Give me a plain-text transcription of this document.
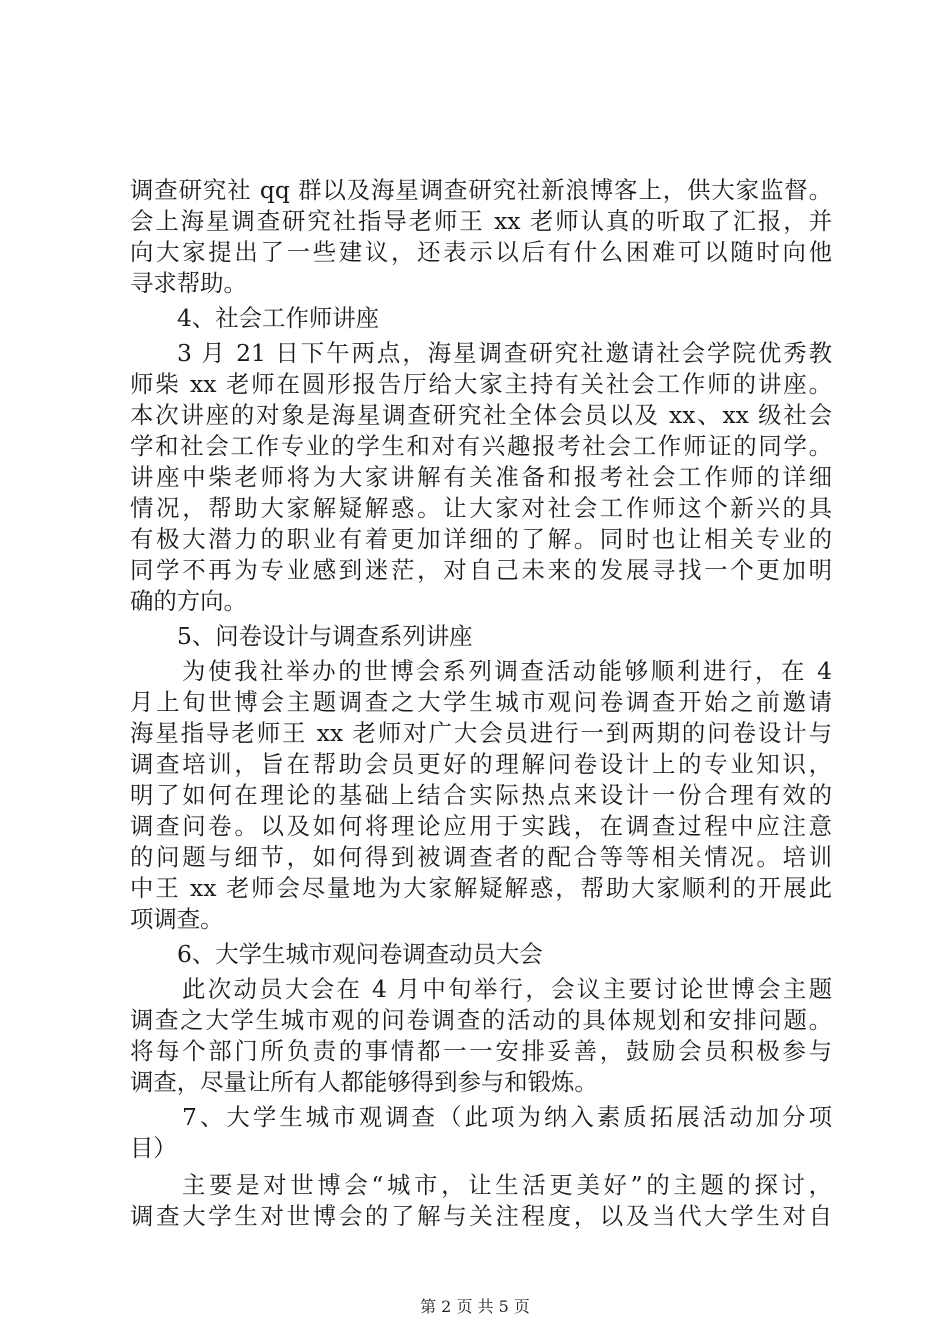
调查研究社 qq 群以及海星调查研究社新浪博客上，供大家监督。
会上海星调查研究社指导老师王 xx 老师认真的听取了汇报，并
向大家提出了一些建议，还表示以后有什么困难可以随时向他
寻求帮助。
4、社会工作师讲座
3 月 21 日下午两点，海星调查研究社邀请社会学院优秀教
师柴 xx 老师在圆形报告厅给大家主持有关社会工作师的讲座。
本次讲座的对象是海星调查研究社全体会员以及 xx、xx 级社会
学和社会工作专业的学生和对有兴趣报考社会工作师证的同学。
讲座中柴老师将为大家讲解有关准备和报考社会工作师的详细
情况，帮助大家解疑解惑。让大家对社会工作师这个新兴的具
有极大潜力的职业有着更加详细的了解。同时也让相关专业的
同学不再为专业感到迷茫，对自己未来的发展寻找一个更加明
确的方向。
5、问卷设计与调查系列讲座
为使我社举办的世博会系列调查活动能够顺利进行，在 4
月上旬世博会主题调查之大学生城市观问卷调查开始之前邀请
海星指导老师王 xx 老师对广大会员进行一到两期的问卷设计与
调查培训，旨在帮助会员更好的理解问卷设计上的专业知识，
明了如何在理论的基础上结合实际热点来设计一份合理有效的
调查问卷。以及如何将理论应用于实践，在调查过程中应注意
的问题与细节，如何得到被调查者的配合等等相关情况。培训
中王 xx 老师会尽量地为大家解疑解惑，帮助大家顺利的开展此
项调查。
6、大学生城市观问卷调查动员大会
此次动员大会在 4 月中旬举行，会议主要讨论世博会主题
调查之大学生城市观的问卷调查的活动的具体规划和安排问题。
将每个部门所负责的事情都一一安排妥善，鼓励会员积极参与
调查，尽量让所有人都能够得到参与和锻炼。
7、大学生城市观调查（此项为纳入素质拓展活动加分项
目）
主要是对世博会“城市，让生活更美好”的主题的探讨，
调查大学生对世博会的了解与关注程度，以及当代大学生对自
第 2 页 共 5 页
